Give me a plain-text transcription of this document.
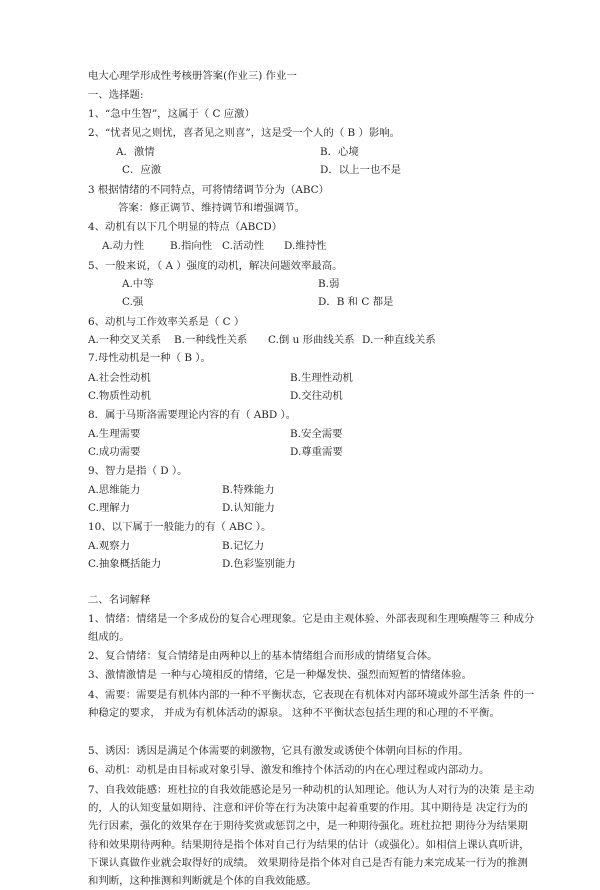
电大心理学形成性考核册答案(作业三) 作业一
一、选择题:
1、“急中生智”，这属于（ C 应激）
2、“忧者见之则忧，喜者见之则喜”，这是受一个人的（ B ）影响。
A．激情	B．心境
C．应激	D．以上一也不是
3 根据情绪的不同特点，可将情绪调节分为（ABC）
答案：修正调节、维持调节和增强调节。
4、动机有以下几个明显的特点（ABCD）
A.动力性	B.指向性 C.活动性 D.维持性
5、一般来说，（ A ）强度的动机，解决问题效率最高。
A.中等	B.弱
C.强	D．B 和 C 都是
6、动机与工作效率关系是（ C ）
A.一种交叉关系 B.一种线性关系 C.倒 u 形曲线关系 D.一种直线关系
7.母性动机是一种（ B ）。
A.社会性动机	B.生理性动机
C.物质性动机	D.交往动机
8．属于马斯洛需要理论内容的有（ ABD ）。
A.生理需要	B.安全需要
C.成功需要	D.尊重需要
9、智力是指（ D ）。
A.思维能力	B.特殊能力
C.理解力	D.认知能力
10、以下属于一般能力的有（ ABC ）。
A.观察力	B.记忆力
C.抽象概括能力	D.色彩鉴别能力
二、名词解释
1、情绪：情绪是一个多成份的复合心理现象。它是由主观体验、外部表现和生理唤醒等三 种成分组成的。
2、复合情绪：复合情绪是由两种以上的基本情绪组合而形成的情绪复合体。
3、激情激情是 一种与心境相反的情绪，它是一种爆发快、强烈而短暂的情绪体验。
4、需要：需要是有机体内部的一种不平衡状态，它表现在有机体对内部环境或外部生活条 件的一种稳定的要求， 并成为有机体活动的源泉。 这种不平衡状态包括生理的和心理的不平衡。
5、诱因：诱因是满足个体需要的刺激物，它具有激发或诱使个体朝向目标的作用。
6、动机：动机是由目标或对象引导、激发和维持个体活动的内在心理过程或内部动力。
7、自我效能感：班杜拉的自我效能感论是另一种动机的认知理论。他认为人对行为的决策 是主动的，人的认知变量如期待、注意和评价等在行为决策中起着重要的作用。其中期待是 决定行为的先行因素，强化的效果存在于期待奖赏或惩罚之中，是一种期待强化。班杜拉把 期待分为结果期待和效果期待两种。结果期待是指个体对自己行为结果的估计（或强化）。如相信上课认真听讲， 下课认真做作业就会取得好的成绩。 效果期待是指个体对自己是否有能力来完成某一行为的推测和判断，这种推测和判断就是个体的自我效能感。
